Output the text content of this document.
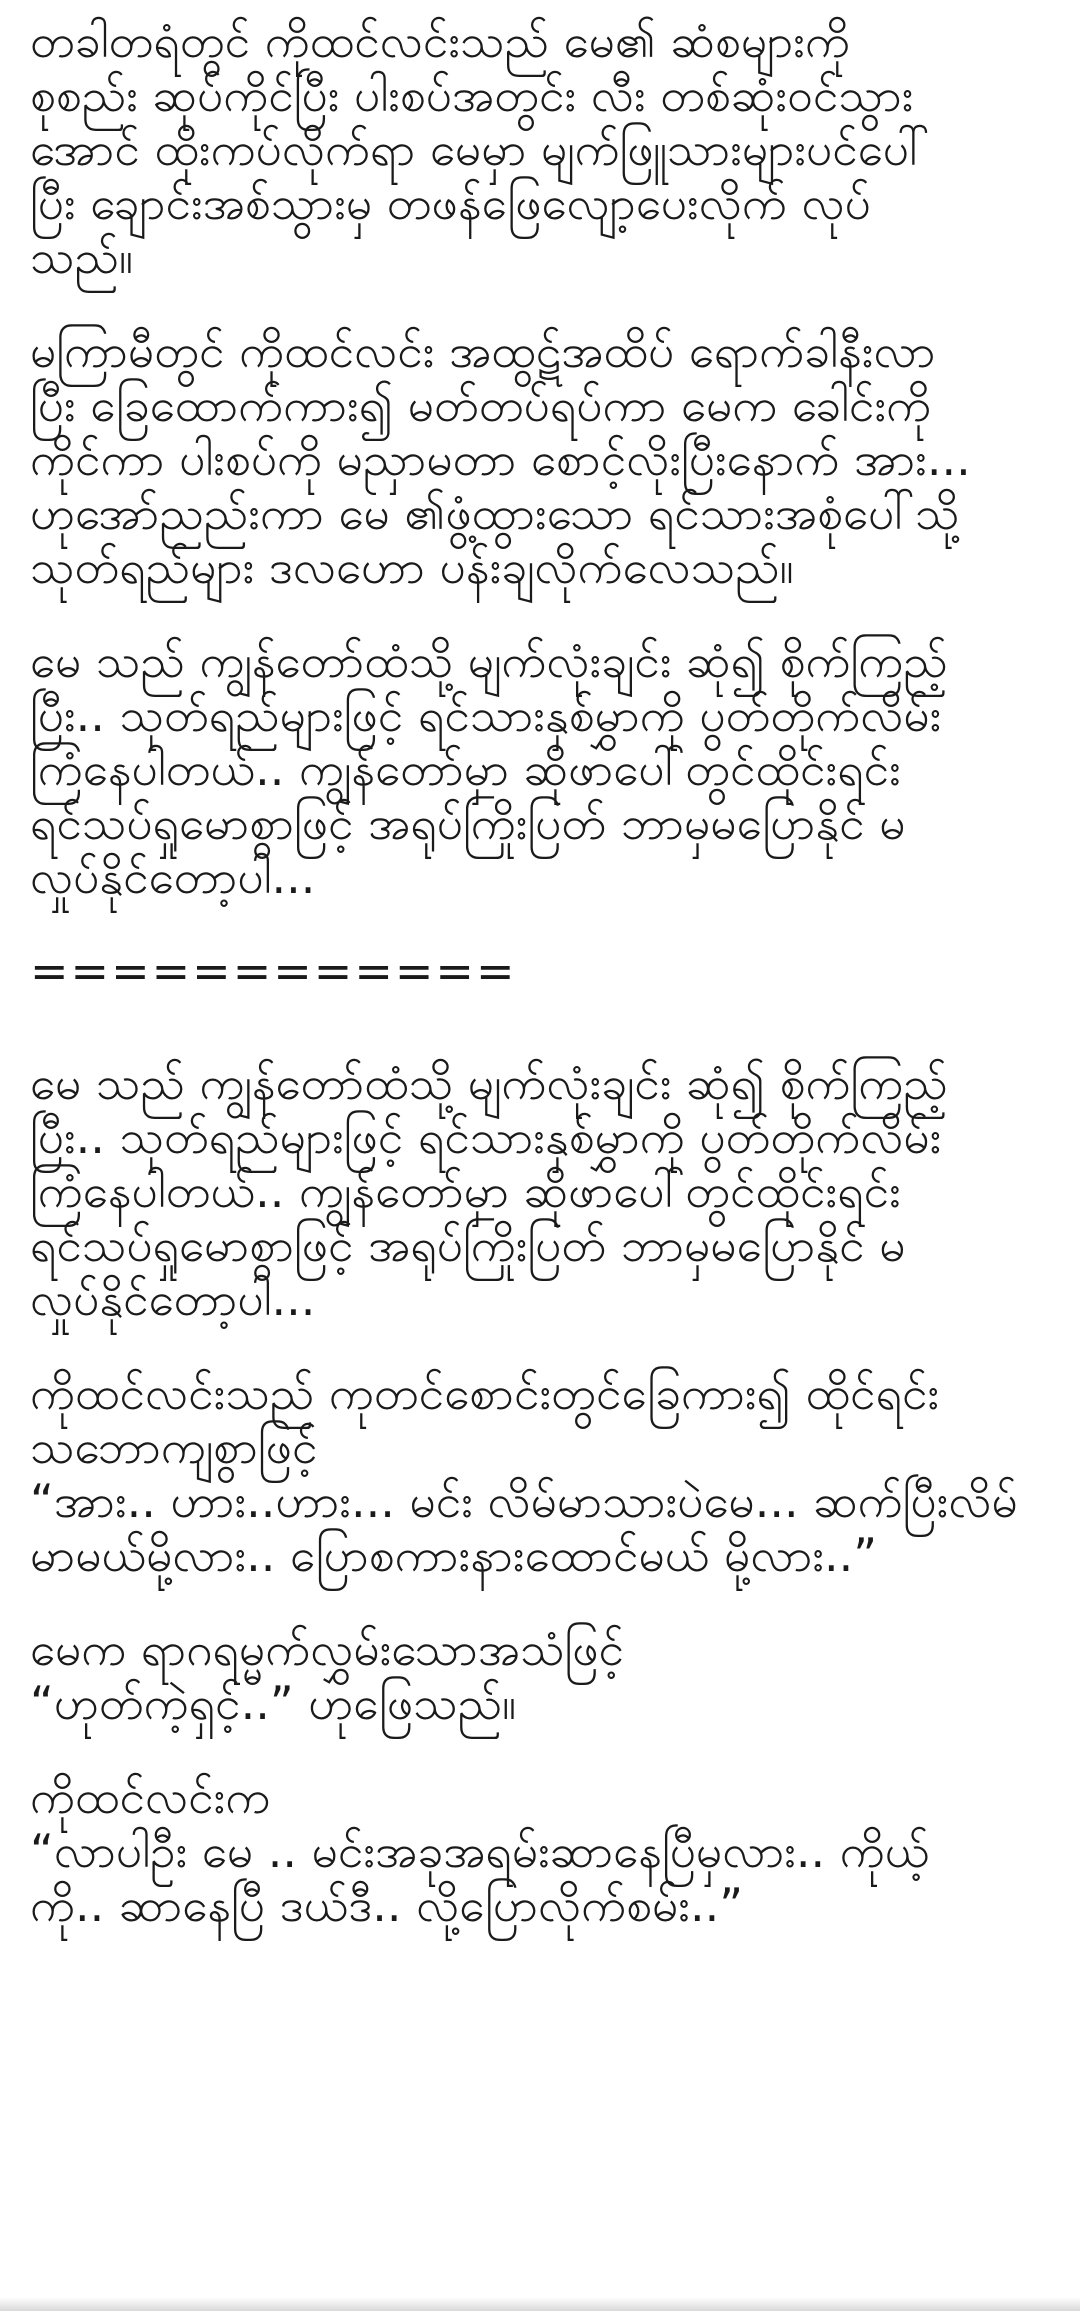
တခါတရံတွင် ကိုထင်လင်းသည် မေ၏ ဆံစများကို
စုစည်း ဆုပ်ကိုင်ပြီး ပါးစပ်အတွင်း လီး တစ်ဆုံးဝင်သွား
အောင် ထိုးကပ်လိုက်ရာ မေမှာ မျက်ဖြူသားများပင်ပေါ်
ပြီး ချောင်းအစ်သွားမှ တဖန်ဖြေလျော့ပေးလိုက် လုပ်
သည်။

မကြာမီတွင် ကိုထင်လင်း အထွဋ်အထိပ် ရောက်ခါနီးလာ
ပြီး ခြေထောက်ကား၍ မတ်တပ်ရပ်ကာ မေက ခေါင်းကို
ကိုင်ကာ ပါးစပ်ကို မညှာမတာ စောင့်လိုးပြီးနောက် အား...
ဟုအော်ညည်းကာ မေ ၏ဖွံ့ထွားသော ရင်သားအစုံပေါ်သို့
သုတ်ရည်များ ဒလဟော ပန်းချလိုက်လေသည်။

မေ သည် ကျွန်တော်ထံသို့ မျက်လုံးချင်း ဆုံ၍ စိုက်ကြည့်
ပြီး.. သုတ်ရည်များဖြင့် ရင်သားနှစ်မွှာကို ပွတ်တိုက်လိမ်း
ကြံနေပါတယ်.. ကျွန်တော်မှာ ဆိုဖာပေါ်တွင်ထိုင်းရင်း
ရင်သပ်ရှုမောစွာဖြင့် အရုပ်ကြိုးပြတ် ဘာမှမပြောနိုင် မ
လှုပ်နိုင်တော့ပါ...

============

မေ သည် ကျွန်တော်ထံသို့ မျက်လုံးချင်း ဆုံ၍ စိုက်ကြည့်
ပြီး.. သုတ်ရည်များဖြင့် ရင်သားနှစ်မွှာကို ပွတ်တိုက်လိမ်း
ကြံနေပါတယ်.. ကျွန်တော်မှာ ဆိုဖာပေါ်တွင်ထိုင်းရင်း
ရင်သပ်ရှုမောစွာဖြင့် အရုပ်ကြိုးပြတ် ဘာမှမပြောနိုင် မ
လှုပ်နိုင်တော့ပါ...

ကိုထင်လင်းသည် ကုတင်စောင်းတွင်ခြေကား၍ ထိုင်ရင်း
သဘောကျစွာဖြင့်
“အား.. ဟား..ဟား... မင်း လိမ်မာသားပဲမေ... ဆက်ပြီးလိမ်
မာမယ်မို့လား.. ပြောစကားနားထောင်မယ် မို့လား..”

မေက ရာဂရမ္မက်လွှမ်းသောအသံဖြင့်
“ဟုတ်ကဲ့ရှင့်..” ဟုဖြေသည်။

ကိုထင်လင်းက
“လာပါဦး မေ .. မင်းအခုအရမ်းဆာနေပြီမှလား.. ကိုယ့်
ကို.. ဆာနေပြီ ဒယ်ဒီ.. လို့ပြောလိုက်စမ်း..”
